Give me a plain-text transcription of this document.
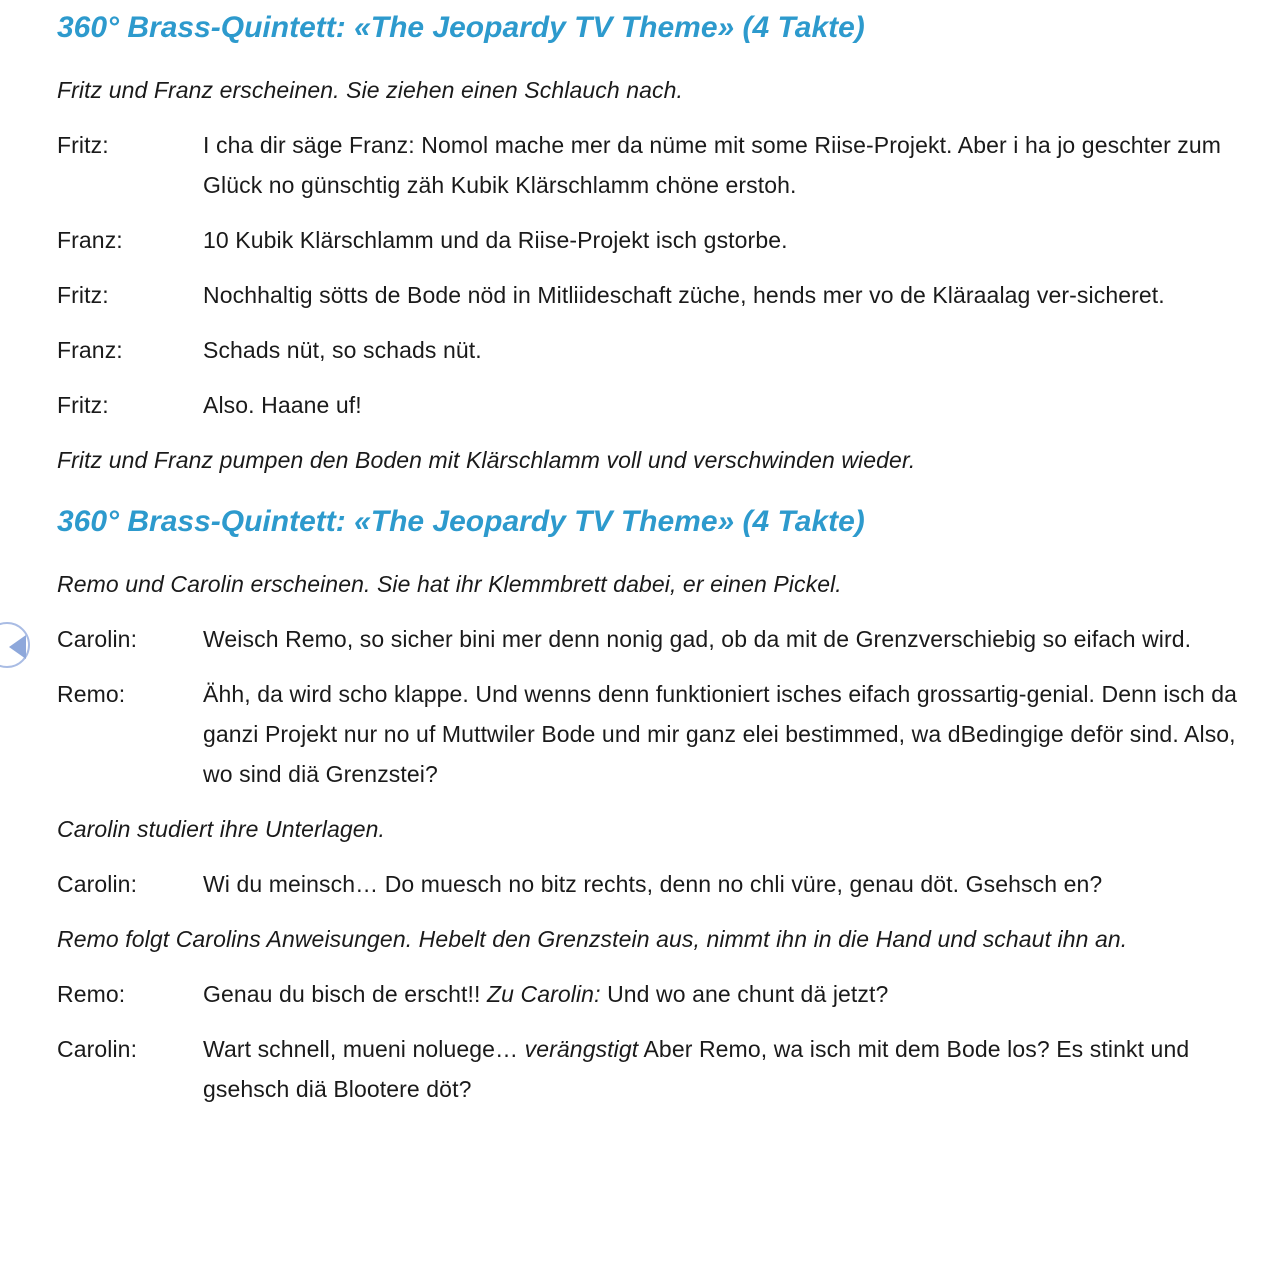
360° Brass-Quintett: «The Jeopardy TV Theme» (4 Takte)

Fritz und Franz erscheinen. Sie ziehen einen Schlauch nach.

Fritz:	I cha dir säge Franz: Nomol mache mer da nüme mit some Riise-Projekt. Aber i ha jo geschter zum Glück no günschtig zäh Kubik Klärschlamm chöne erstoh.
Franz:	10 Kubik Klärschlamm und da Riise-Projekt isch gstorbe.
Fritz:	Nochhaltig sötts de Bode nöd in Mitliideschaft züche, hends mer vo de Kläraalag ver-sicheret.
Franz:	Schads nüt, so schads nüt.
Fritz:	Also. Haane uf!

Fritz und Franz pumpen den Boden mit Klärschlamm voll und verschwinden wieder.

360° Brass-Quintett: «The Jeopardy TV Theme» (4 Takte)

Remo und Carolin erscheinen. Sie hat ihr Klemmbrett dabei, er einen Pickel.

Carolin:	Weisch Remo, so sicher bini mer denn nonig gad, ob da mit de Grenzverschiebig so eifach wird.
Remo:	Ähh, da wird scho klappe. Und wenns denn funktioniert isches eifach grossartig-genial. Denn isch da ganzi Projekt nur no uf Muttwiler Bode und mir ganz elei bestimmed, wa dBedingige deför sind. Also, wo sind diä Grenzstei?

Carolin studiert ihre Unterlagen.

Carolin:	Wi du meinsch… Do muesch no bitz rechts, denn no chli vüre, genau döt. Gsehsch en?

Remo folgt Carolins Anweisungen. Hebelt den Grenzstein aus, nimmt ihn in die Hand und schaut ihn an.

Remo:	Genau du bisch de erscht!! Zu Carolin: Und wo ane chunt dä jetzt?
Carolin:	Wart schnell, mueni noluege… verängstigt Aber Remo, wa isch mit dem Bode los? Es stinkt und gsehsch diä Blootere döt?
